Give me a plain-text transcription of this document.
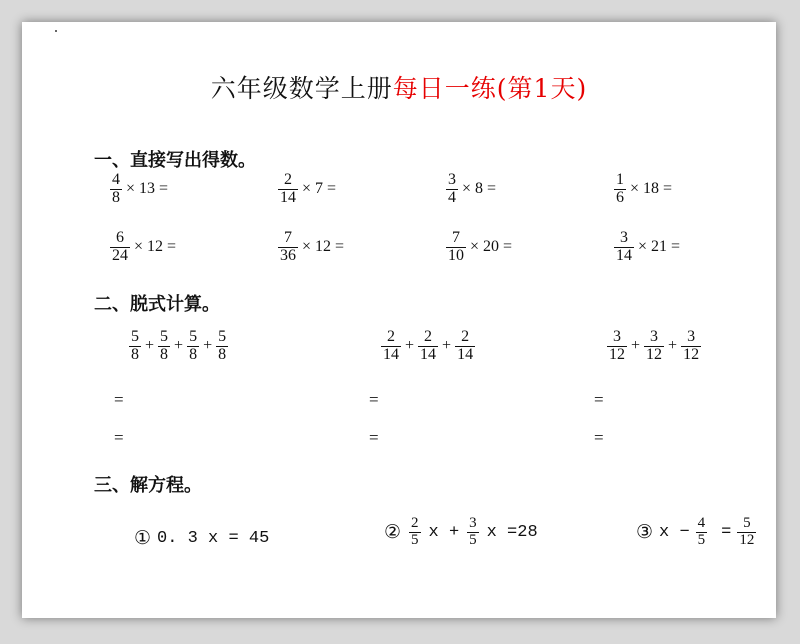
六年级数学上册每日一练(第1天)
一、直接写出得数。
$\frac{4}{8} \times 13$ =	$\frac{2}{14} \times 7$ =	$\frac{3}{4} \times 8$ =	$\frac{1}{6} \times 18$ =
$\frac{6}{24} \times 12$ =	$\frac{7}{36} \times 12$ =	$\frac{7}{10} \times 20$ =	$\frac{3}{14} \times 21$ =
二、脱式计算。
$\frac{5}{8} + \frac{5}{8} + \frac{5}{8} + \frac{5}{8}$
=
=
$\frac{2}{14} + \frac{2}{14} + \frac{2}{14}$
=
=
$\frac{3}{12} + \frac{3}{12} + \frac{3}{12}$
=
=
三、解方程。
① 0. 3 x = 45	② $\frac{2}{5}$ $x + \frac{3}{5}$ x =28	③ $x - \frac{4}{5} = \frac{5}{12}$
